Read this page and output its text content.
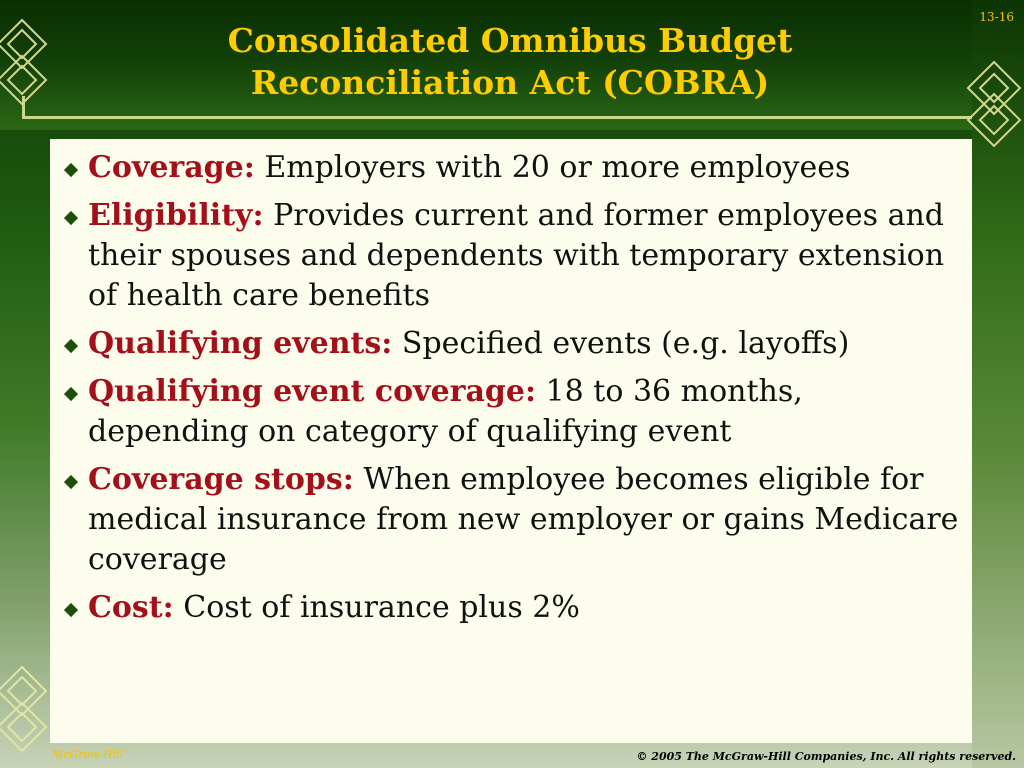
13-16
Consolidated Omnibus Budget
Reconciliation Act (COBRA)
Coverage: Employers with 20 or more employees
Eligibility: Provides current and former employees and their spouses and dependents with temporary extension of health care benefits
Qualifying events: Specified events (e.g. layoffs)
Qualifying event coverage: 18 to 36 months, depending on category of qualifying event
Coverage stops: When employee becomes eligible for medical insurance from new employer or gains Medicare coverage
Cost: Cost of insurance plus 2%
McGraw-Hill	© 2005 The McGraw-Hill Companies, Inc. All rights reserved.
